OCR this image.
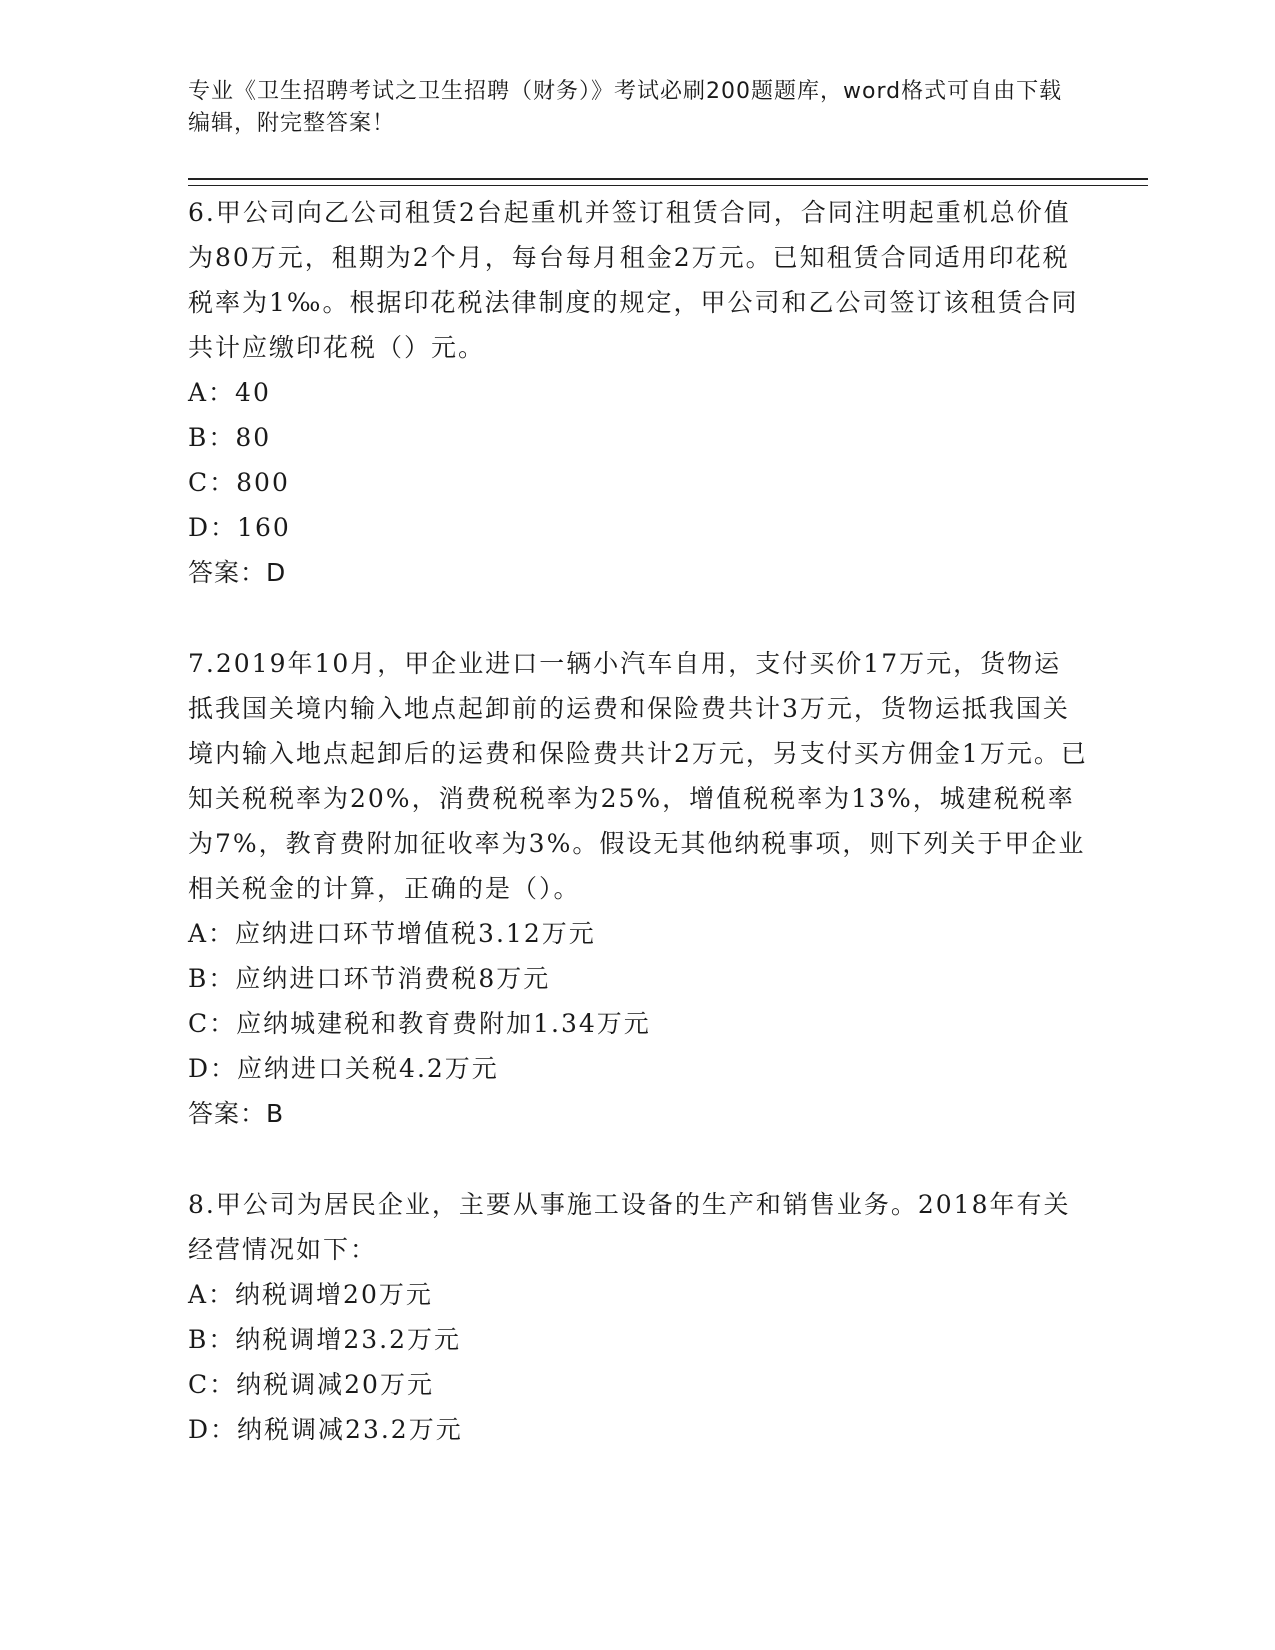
专业《卫生招聘考试之卫生招聘（财务）》考试必刷200题题库，word格式可自由下载编辑，附完整答案！

6.甲公司向乙公司租赁2台起重机并签订租赁合同，合同注明起重机总价值为80万元，租期为2个月，每台每月租金2万元。已知租赁合同适用印花税税率为1‰。根据印花税法律制度的规定，甲公司和乙公司签订该租赁合同共计应缴印花税（）元。

A：40

B：80

C：800

D：160

答案：D

7.2019年10月，甲企业进口一辆小汽车自用，支付买价17万元，货物运抵我国关境内输入地点起卸前的运费和保险费共计3万元，货物运抵我国关境内输入地点起卸后的运费和保险费共计2万元，另支付买方佣金1万元。已知关税税率为20%，消费税税率为25%，增值税税率为13%，城建税税率为7%，教育费附加征收率为3%。假设无其他纳税事项，则下列关于甲企业相关税金的计算，正确的是（）。

A：应纳进口环节增值税3.12万元

B：应纳进口环节消费税8万元

C：应纳城建税和教育费附加1.34万元

D：应纳进口关税4.2万元

答案：B

8.甲公司为居民企业，主要从事施工设备的生产和销售业务。2018年有关经营情况如下：

A：纳税调增20万元

B：纳税调增23.2万元

C：纳税调减20万元

D：纳税调减23.2万元
